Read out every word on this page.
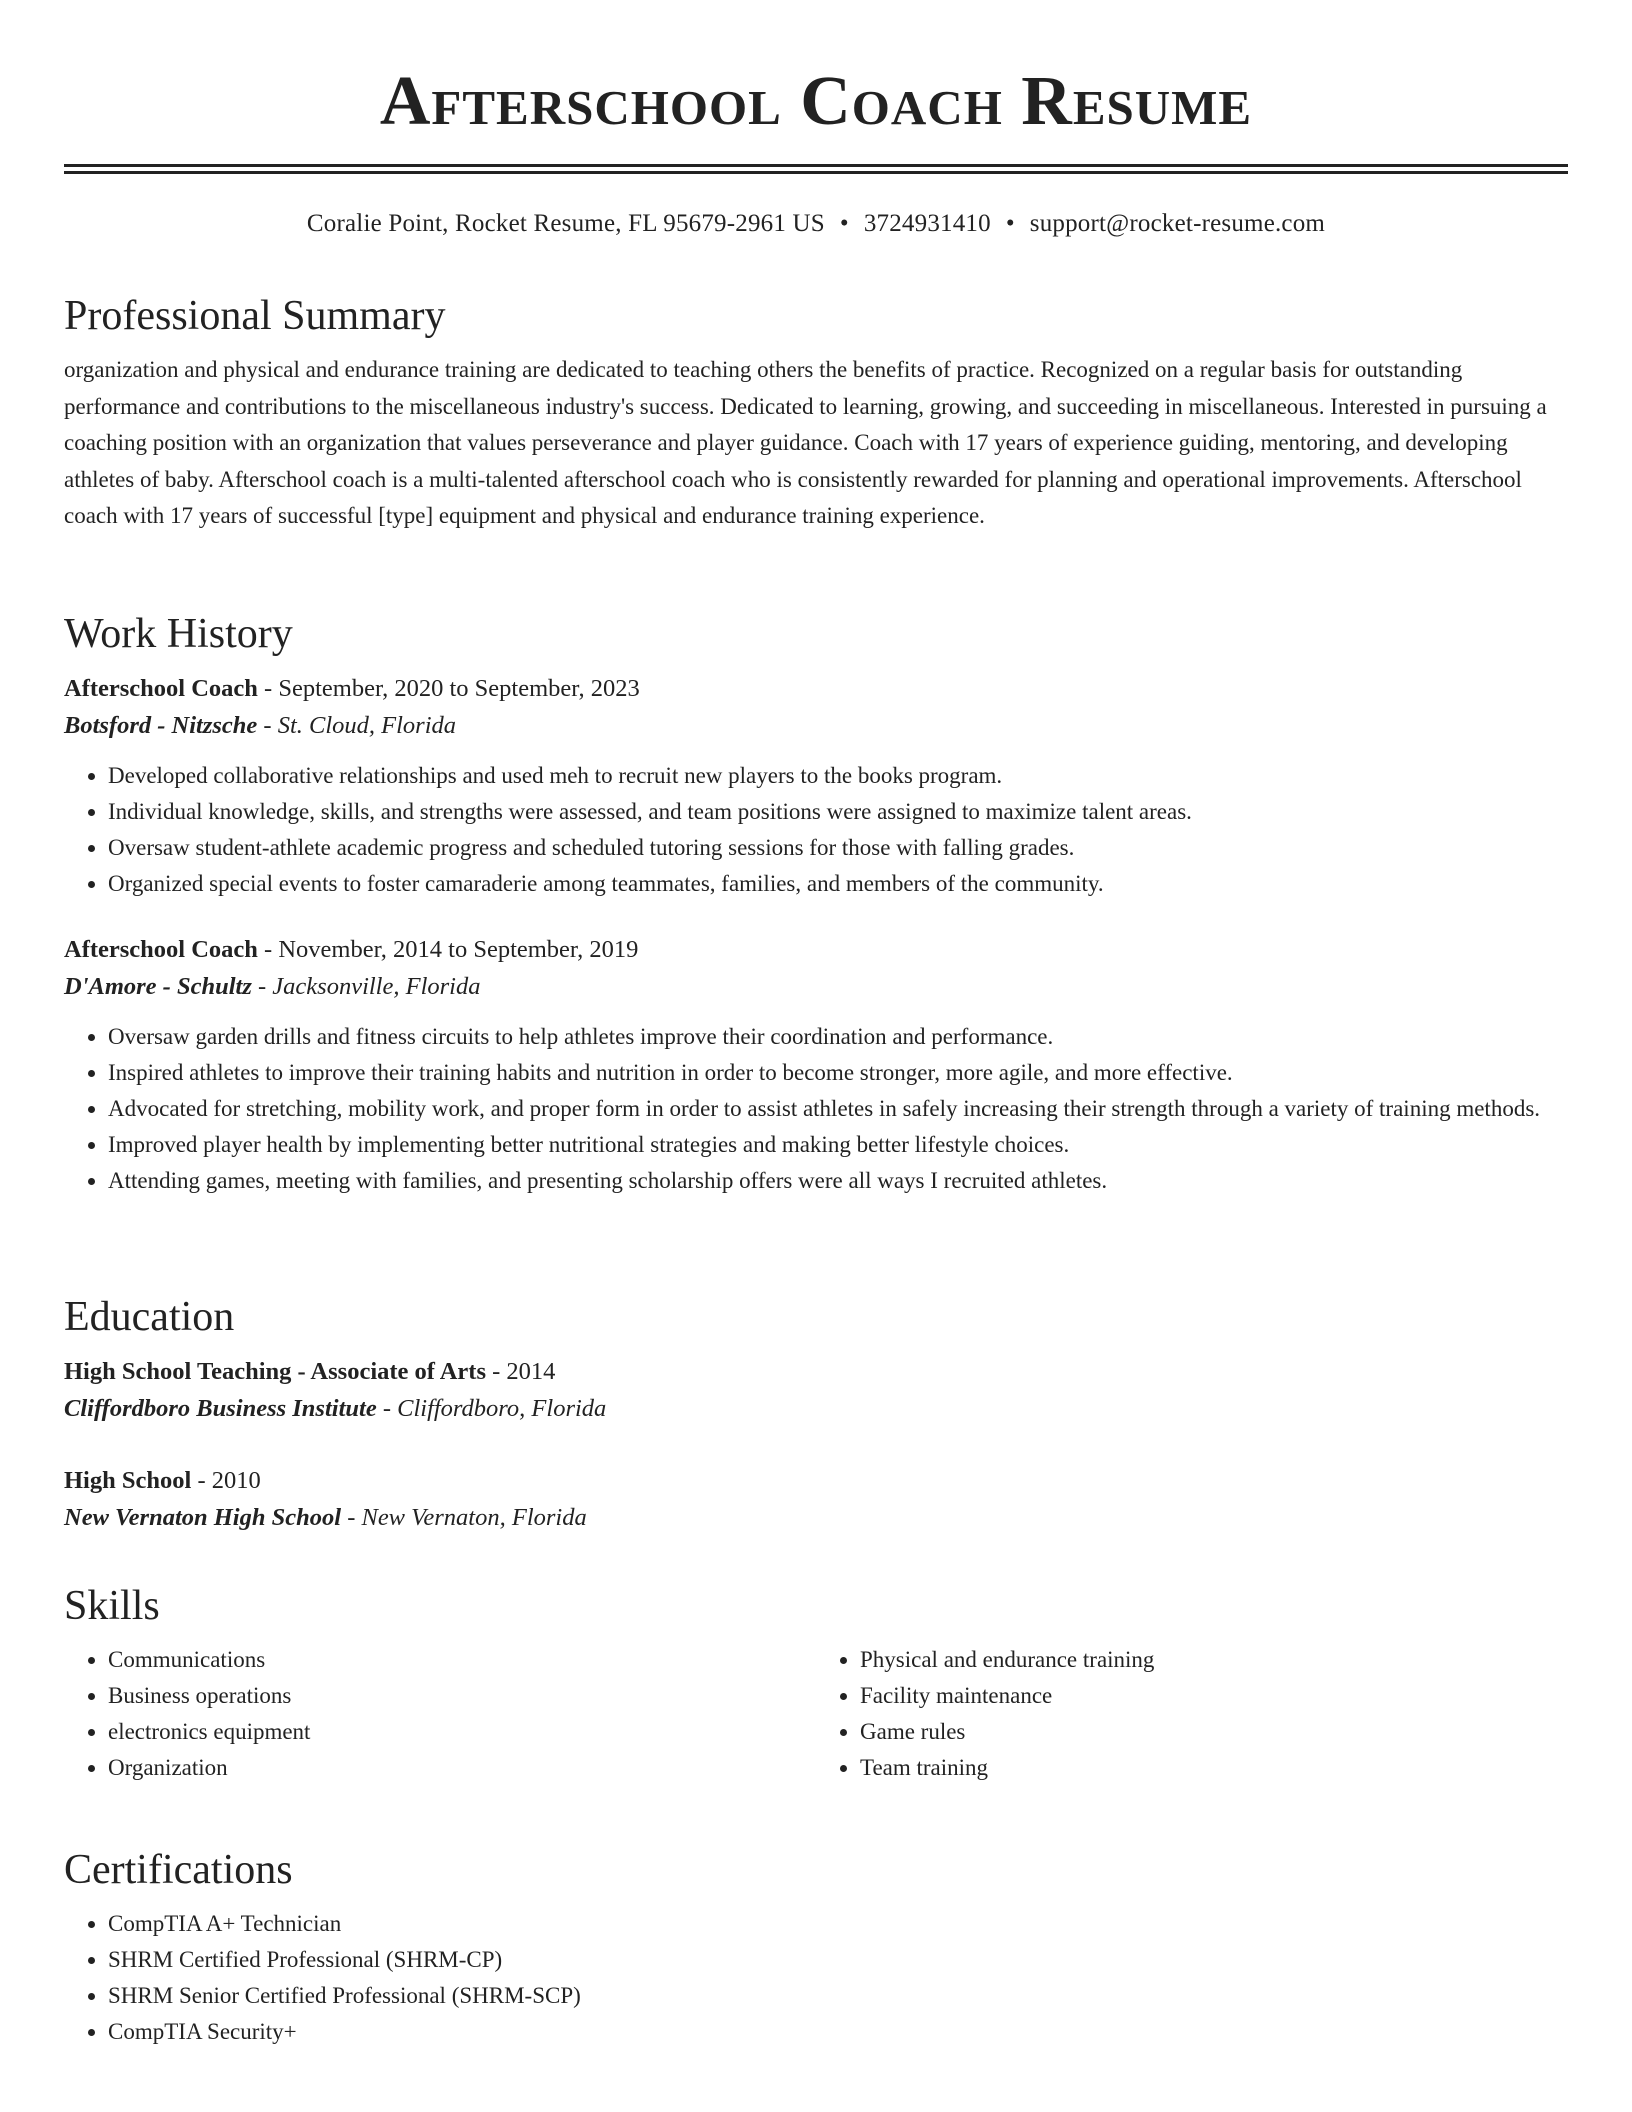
Afterschool Coach Resume
Coralie Point, Rocket Resume, FL 95679-2961 US • 3724931410 • support@rocket-resume.com
Professional Summary

organization and physical and endurance training are dedicated to teaching others the benefits of practice. Recognized on a regular basis for outstanding performance and contributions to the miscellaneous industry's success. Dedicated to learning, growing, and succeeding in miscellaneous. Interested in pursuing a coaching position with an organization that values perseverance and player guidance. Coach with 17 years of experience guiding, mentoring, and developing athletes of baby. Afterschool coach is a multi-talented afterschool coach who is consistently rewarded for planning and operational improvements. Afterschool coach with 17 years of successful [type] equipment and physical and endurance training experience.

Work History
Afterschool Coach - September, 2020 to September, 2023
Botsford - Nitzsche - St. Cloud, Florida
• Developed collaborative relationships and used meh to recruit new players to the books program.
• Individual knowledge, skills, and strengths were assessed, and team positions were assigned to maximize talent areas.
• Oversaw student-athlete academic progress and scheduled tutoring sessions for those with falling grades.
• Organized special events to foster camaraderie among teammates, families, and members of the community.
Afterschool Coach - November, 2014 to September, 2019
D'Amore - Schultz - Jacksonville, Florida
• Oversaw garden drills and fitness circuits to help athletes improve their coordination and performance.
• Inspired athletes to improve their training habits and nutrition in order to become stronger, more agile, and more effective.
• Advocated for stretching, mobility work, and proper form in order to assist athletes in safely increasing their strength through a variety of training methods.
• Improved player health by implementing better nutritional strategies and making better lifestyle choices.
• Attending games, meeting with families, and presenting scholarship offers were all ways I recruited athletes.
Education
High School Teaching - Associate of Arts - 2014
Cliffordboro Business Institute - Cliffordboro, Florida
High School - 2010
New Vernaton High School - New Vernaton, Florida
Skills
• Communications
• Business operations
• electronics equipment
• Organization
• Physical and endurance training
• Facility maintenance
• Game rules
• Team training
Certifications
• CompTIA A+ Technician
• SHRM Certified Professional (SHRM-CP)
• SHRM Senior Certified Professional (SHRM-SCP)
• CompTIA Security+
